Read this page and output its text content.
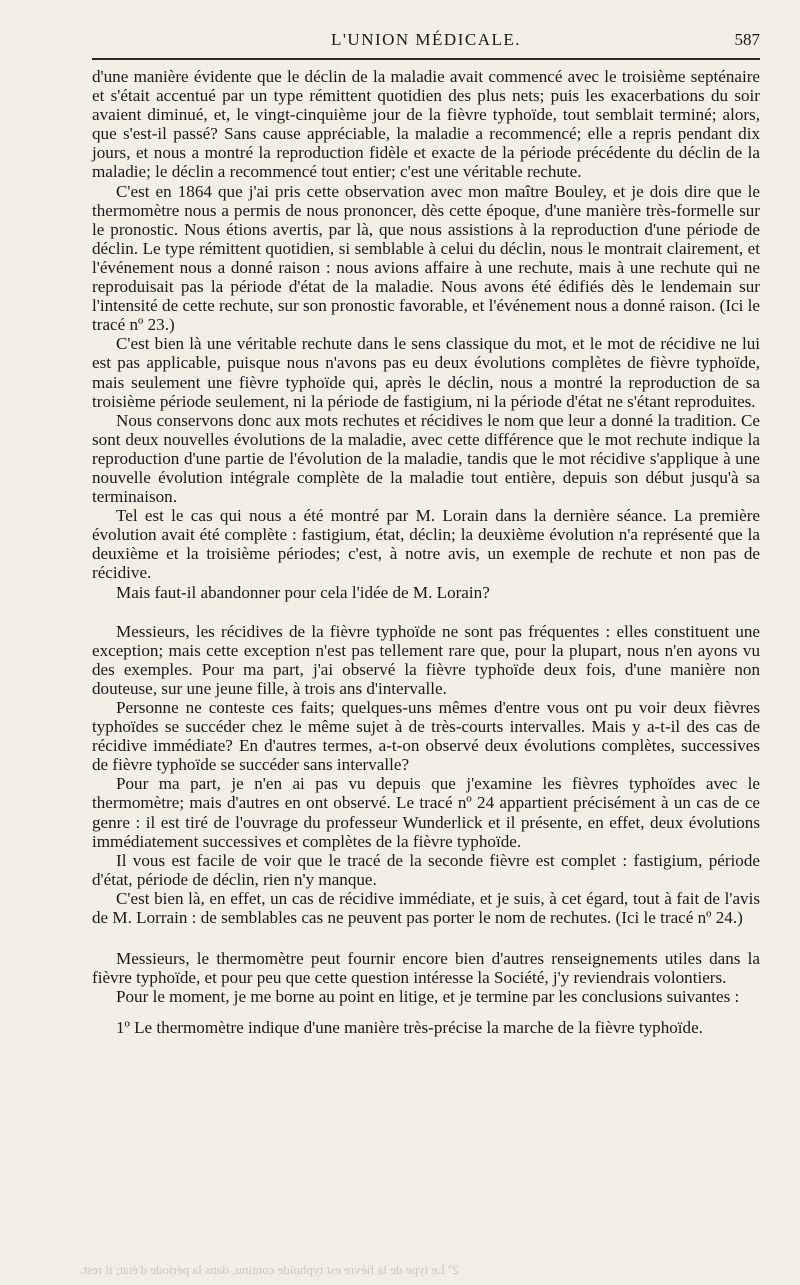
L'UNION MÉDICALE.	587

d'une manière évidente que le déclin de la maladie avait commencé avec le troisième septénaire et s'était accentué par un type rémittent quotidien des plus nets; puis les exacerbations du soir avaient diminué, et, le vingt-cinquième jour de la fièvre typhoïde, tout semblait terminé; alors, que s'est-il passé? Sans cause appréciable, la maladie a recommencé; elle a repris pendant dix jours, et nous a montré la reproduction fidèle et exacte de la période précédente du déclin de la maladie; le déclin a recommencé tout entier; c'est une véritable rechute.

C'est en 1864 que j'ai pris cette observation avec mon maître Bouley, et je dois dire que le thermomètre nous a permis de nous prononcer, dès cette époque, d'une manière très-formelle sur le pronostic. Nous étions avertis, par là, que nous assistions à la reproduction d'une période de déclin. Le type rémittent quotidien, si semblable à celui du déclin, nous le montrait clairement, et l'événement nous a donné raison : nous avions affaire à une rechute, mais à une rechute qui ne reproduisait pas la période d'état de la maladie. Nous avons été édifiés dès le lendemain sur l'intensité de cette rechute, sur son pronostic favorable, et l'événement nous a donné raison. (Ici le tracé nº 23.)

C'est bien là une véritable rechute dans le sens classique du mot, et le mot de récidive ne lui est pas applicable, puisque nous n'avons pas eu deux évolutions complètes de fièvre typhoïde, mais seulement une fièvre typhoïde qui, après le déclin, nous a montré la reproduction de sa troisième période seulement, ni la période de fastigium, ni la période d'état ne s'étant reproduites.

Nous conservons donc aux mots rechutes et récidives le nom que leur a donné la tradition. Ce sont deux nouvelles évolutions de la maladie, avec cette différence que le mot rechute indique la reproduction d'une partie de l'évolution de la maladie, tandis que le mot récidive s'applique à une nouvelle évolution intégrale complète de la maladie tout entière, depuis son début jusqu'à sa terminaison.

Tel est le cas qui nous a été montré par M. Lorain dans la dernière séance. La première évolution avait été complète : fastigium, état, déclin; la deuxième évolution n'a représenté que la deuxième et la troisième périodes; c'est, à notre avis, un exemple de rechute et non pas de récidive.

Mais faut-il abandonner pour cela l'idée de M. Lorain?

Messieurs, les récidives de la fièvre typhoïde ne sont pas fréquentes : elles constituent une exception; mais cette exception n'est pas tellement rare que, pour la plupart, nous n'en ayons vu des exemples. Pour ma part, j'ai observé la fièvre typhoïde deux fois, d'une manière non douteuse, sur une jeune fille, à trois ans d'intervalle.

Personne ne conteste ces faits; quelques-uns mêmes d'entre vous ont pu voir deux fièvres typhoïdes se succéder chez le même sujet à de très-courts intervalles. Mais y a-t-il des cas de récidive immédiate? En d'autres termes, a-t-on observé deux évolutions complètes, successives de fièvre typhoïde se succéder sans intervalle?

Pour ma part, je n'en ai pas vu depuis que j'examine les fièvres typhoïdes avec le thermomètre; mais d'autres en ont observé. Le tracé nº 24 appartient précisément à un cas de ce genre : il est tiré de l'ouvrage du professeur Wunderlick et il présente, en effet, deux évolutions immédiatement successives et complètes de la fièvre typhoïde.

Il vous est facile de voir que le tracé de la seconde fièvre est complet : fastigium, période d'état, période de déclin, rien n'y manque.

C'est bien là, en effet, un cas de récidive immédiate, et je suis, à cet égard, tout à fait de l'avis de M. Lorrain : de semblables cas ne peuvent pas porter le nom de rechutes. (Ici le tracé nº 24.)

Messieurs, le thermomètre peut fournir encore bien d'autres renseignements utiles dans la fièvre typhoïde, et pour peu que cette question intéresse la Société, j'y reviendrais volontiers.

Pour le moment, je me borne au point en litige, et je termine par les conclusions suivantes :

1º Le thermomètre indique d'une manière très-précise la marche de la fièvre typhoïde.

2º Le type de la fièvre est typhoïde continu, dans la période d'état; il rest.
